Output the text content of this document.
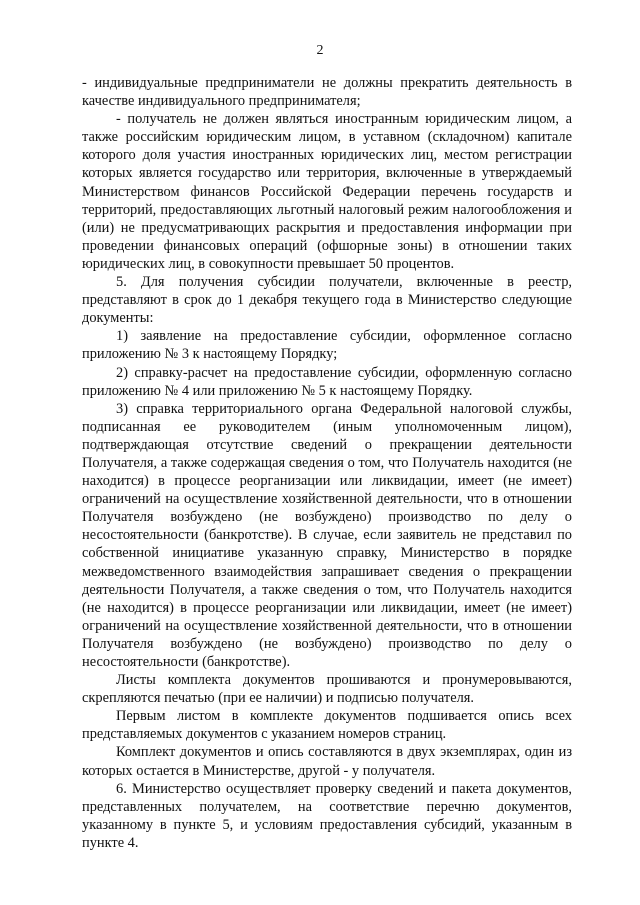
2

- индивидуальные предприниматели не должны прекратить деятельность в качестве индивидуального предпринимателя;

- получатель не должен являться иностранным юридическим лицом, а также российским юридическим лицом, в уставном (складочном) капитале которого доля участия иностранных юридических лиц, местом регистрации которых является государство или территория, включенные в утверждаемый Министерством финансов Российской Федерации перечень государств и территорий, предоставляющих льготный налоговый режим налогообложения и (или) не предусматривающих раскрытия и предоставления информации при проведении финансовых операций (офшорные зоны) в отношении таких юридических лиц, в совокупности превышает 50 процентов.

5. Для получения субсидии получатели, включенные в реестр, представляют в срок до 1 декабря текущего года в Министерство следующие документы:

1) заявление на предоставление субсидии, оформленное согласно приложению № 3 к настоящему Порядку;

2) справку-расчет на предоставление субсидии, оформленную согласно приложению № 4 или приложению № 5 к настоящему Порядку.

3) справка территориального органа Федеральной налоговой службы, подписанная ее руководителем (иным уполномоченным лицом), подтверждающая отсутствие сведений о прекращении деятельности Получателя, а также содержащая сведения о том, что Получатель находится (не находится) в процессе реорганизации или ликвидации, имеет (не имеет) ограничений на осуществление хозяйственной деятельности, что в отношении Получателя возбуждено (не возбуждено) производство по делу о несостоятельности (банкротстве). В случае, если заявитель не представил по собственной инициативе указанную справку, Министерство в порядке межведомственного взаимодействия запрашивает сведения о прекращении деятельности Получателя, а также сведения о том, что Получатель находится (не находится) в процессе реорганизации или ликвидации, имеет (не имеет) ограничений на осуществление хозяйственной деятельности, что в отношении Получателя возбуждено (не возбуждено) производство по делу о несостоятельности (банкротстве).

Листы комплекта документов прошиваются и пронумеровываются, скрепляются печатью (при ее наличии) и подписью получателя.

Первым листом в комплекте документов подшивается опись всех представляемых документов с указанием номеров страниц.

Комплект документов и опись составляются в двух экземплярах, один из которых остается в Министерстве, другой - у получателя.

6. Министерство осуществляет проверку сведений и пакета документов, представленных получателем, на соответствие перечню документов, указанному в пункте 5, и условиям предоставления субсидий, указанным в пункте 4.
